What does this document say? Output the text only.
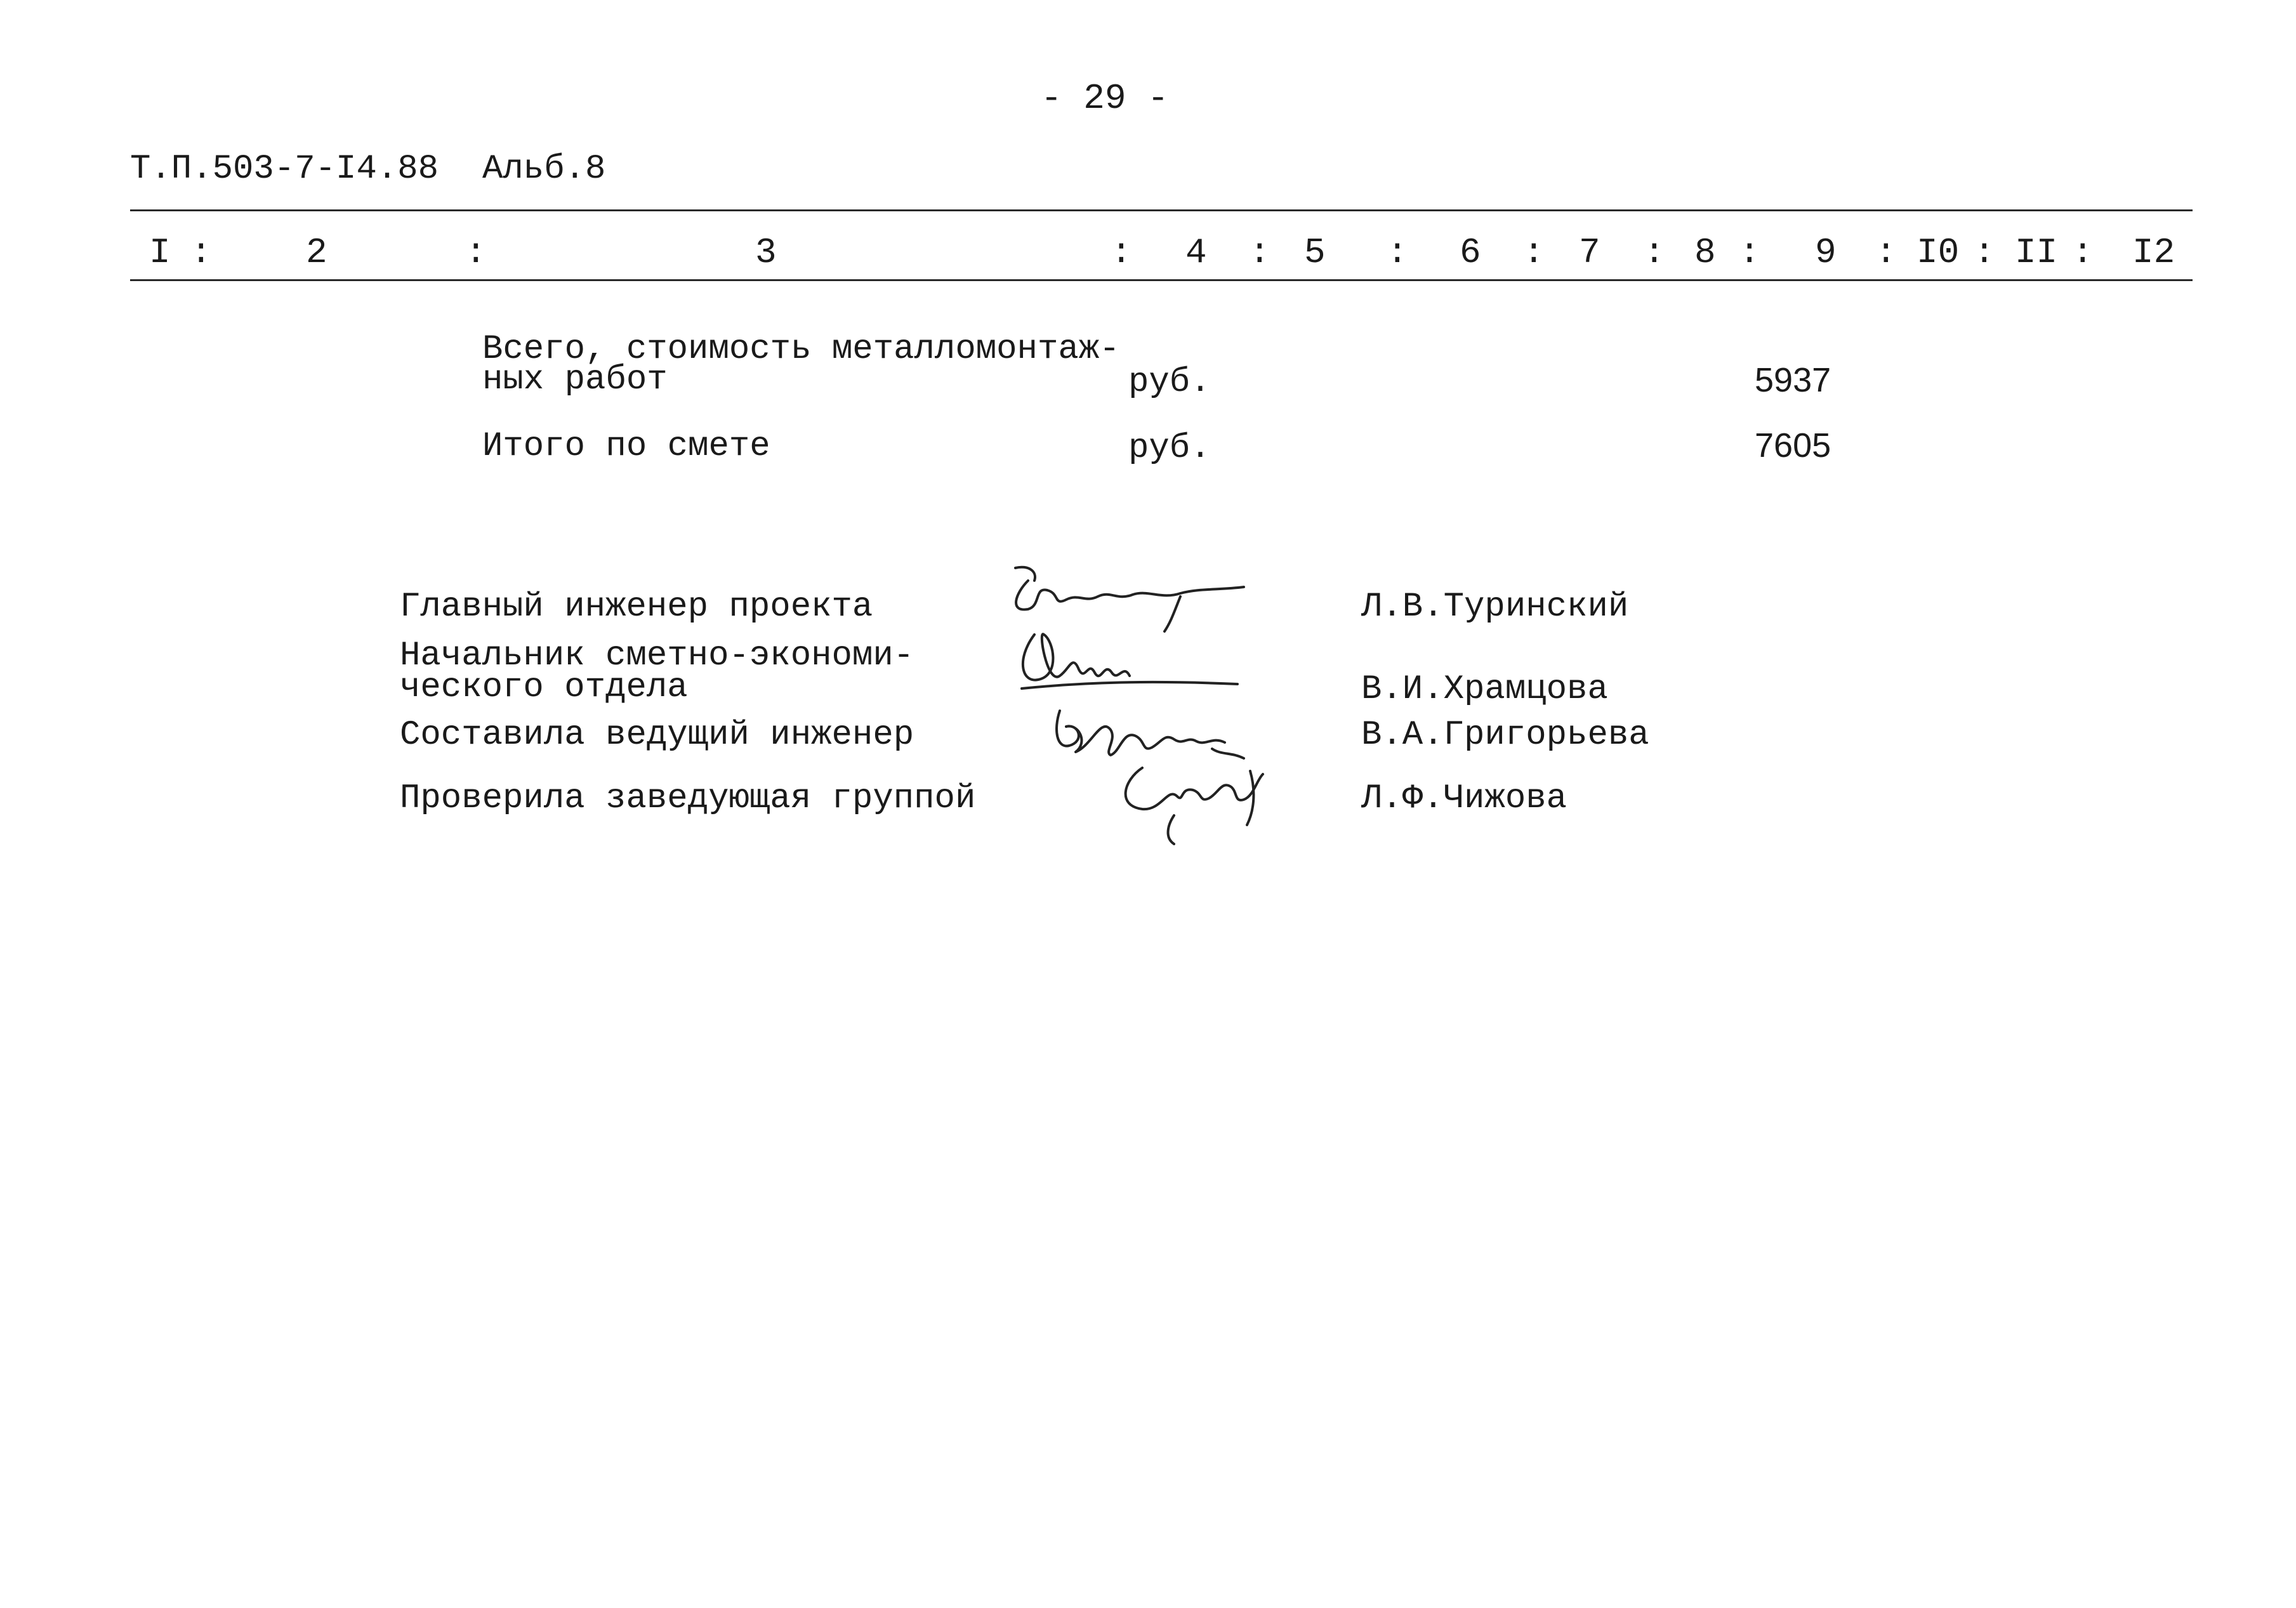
- 29 -
Т.П.503-7-I4.88 Альб.8
I :	2	:	3	: 4 : 5 : 6 : 7 : 8 : 9 : I0 : II : I2
Всего, стоимость металломонтаж-
ных работ	руб.	5937
Итого по смете	руб.	7605
Главный инженер проекта	Л.В.Туринский
Начальник сметно-экономи-
ческого отдела	В.И.Храмцова
Составила ведущий инженер	В.А.Григорьева
Проверила заведующая группой	Л.Ф.Чижова
